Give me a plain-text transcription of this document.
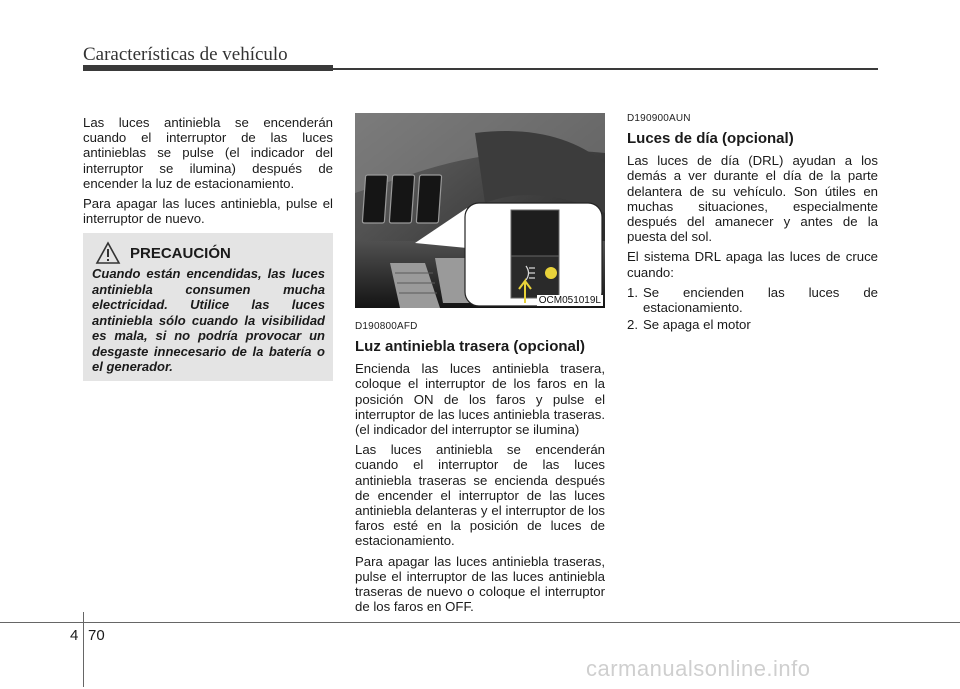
Características de vehículo

Las luces antiniebla se encenderán cuando el interruptor de las luces antinieblas se pulse (el indicador del interruptor se ilumina) después de encender la luz de estacionamiento.

Para apagar las luces antiniebla, pulse el interruptor de nuevo.

PRECAUCIÓN
Cuando están encendidas, las luces antiniebla consumen mucha electricidad. Utilice las luces antiniebla sólo cuando la visibilidad es mala, si no podría provocar un desgaste innecesario de la batería o el generador.
OCM051019L
D190800AFD
Luz antiniebla trasera (opcional)

Encienda las luces antiniebla trasera, coloque el interruptor de los faros en la posición ON de los faros y pulse el interruptor de las luces antiniebla traseras. (el indicador del interruptor se ilumina)

Las luces antiniebla se encenderán cuando el interruptor de las luces antiniebla traseras se encienda después de encender el interruptor de las luces antiniebla delanteras y el interruptor de los faros esté en la posición de luces de estacionamiento.

Para apagar las luces antiniebla traseras, pulse el interruptor de las luces antiniebla traseras de nuevo o coloque el interruptor de los faros en OFF.

D190900AUN
Luces de día (opcional)

Las luces de día (DRL) ayudan a los demás a ver durante el día de la parte delantera de su vehículo. Son útiles en muchas situaciones, especialmente después del amanecer y antes de la puesta del sol.

El sistema DRL apaga las luces de cruce cuando:

1. Se encienden las luces de estacionamiento.
2. Se apaga el motor
4 70
carmanualsonline.info
